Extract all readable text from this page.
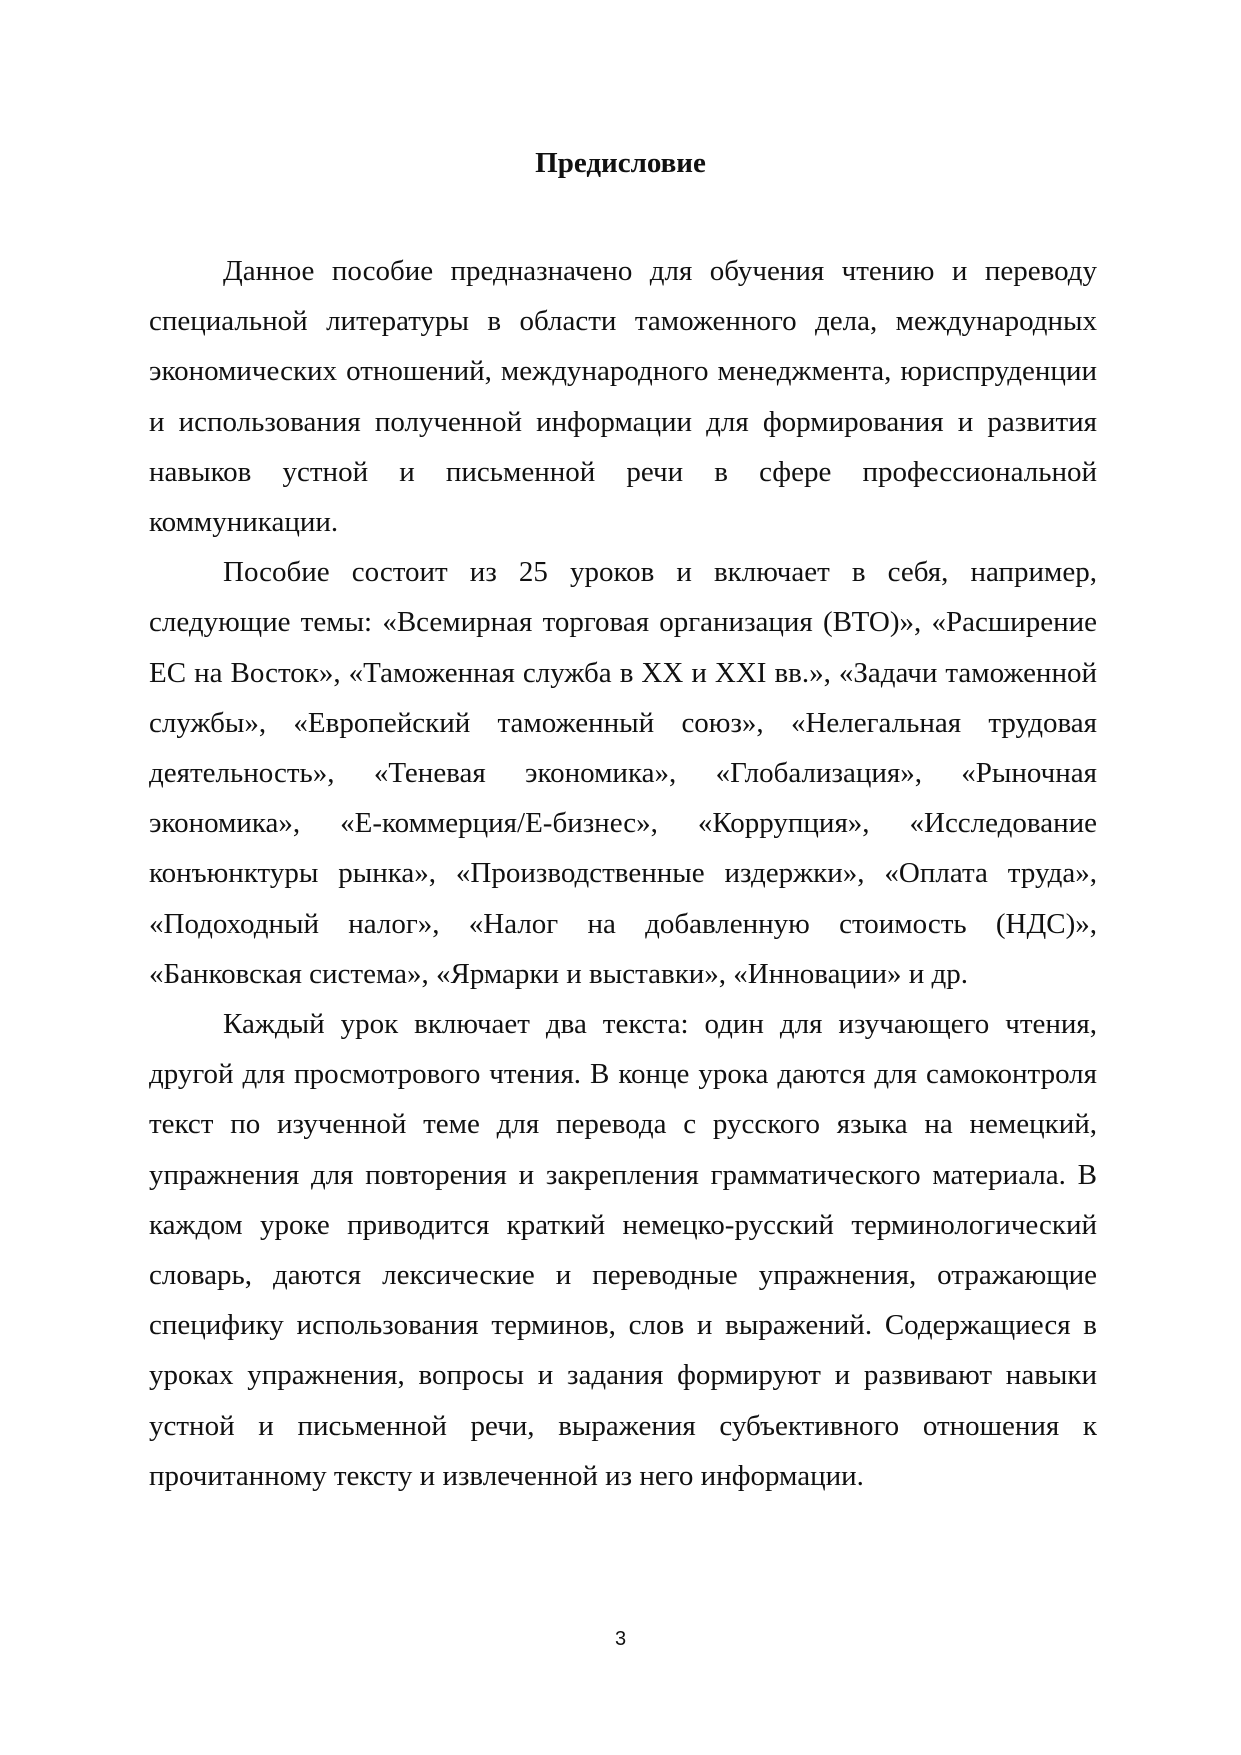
Предисловие

Данное пособие предназначено для обучения чтению и переводу специальной литературы в области таможенного дела, международных экономических отношений, международного менеджмента, юриспруденции и использования полученной информации для формирования и развития навыков устной и письменной речи в сфере профессиональной коммуникации.

Пособие состоит из 25 уроков и включает в себя, например, следующие темы: «Всемирная торговая организация (ВТО)», «Расширение ЕС на Восток», «Таможенная служба в XX и XXI вв.», «Задачи таможенной службы», «Европейский таможенный союз», «Нелегальная трудовая деятельность», «Теневая экономика», «Глобализация», «Рыночная экономика», «Е-коммерция/Е-бизнес», «Коррупция», «Исследование конъюнктуры рынка», «Производственные издержки», «Оплата труда», «Подоходный налог», «Налог на добавленную стоимость (НДС)», «Банковская система», «Ярмарки и выставки», «Инновации» и др.

Каждый урок включает два текста: один для изучающего чтения, другой для просмотрового чтения. В конце урока даются для самоконтроля текст по изученной теме для перевода с русского языка на немецкий, упражнения для повторения и закрепления грамматического материала. В каждом уроке приводится краткий немецко-русский терминологический словарь, даются лексические и переводные упражнения, отражающие специфику использования терминов, слов и выражений. Содержащиеся в уроках упражнения, вопросы и задания формируют и развивают навыки устной и письменной речи, выражения субъективного отношения к прочитанному тексту и извлеченной из него информации.

3
